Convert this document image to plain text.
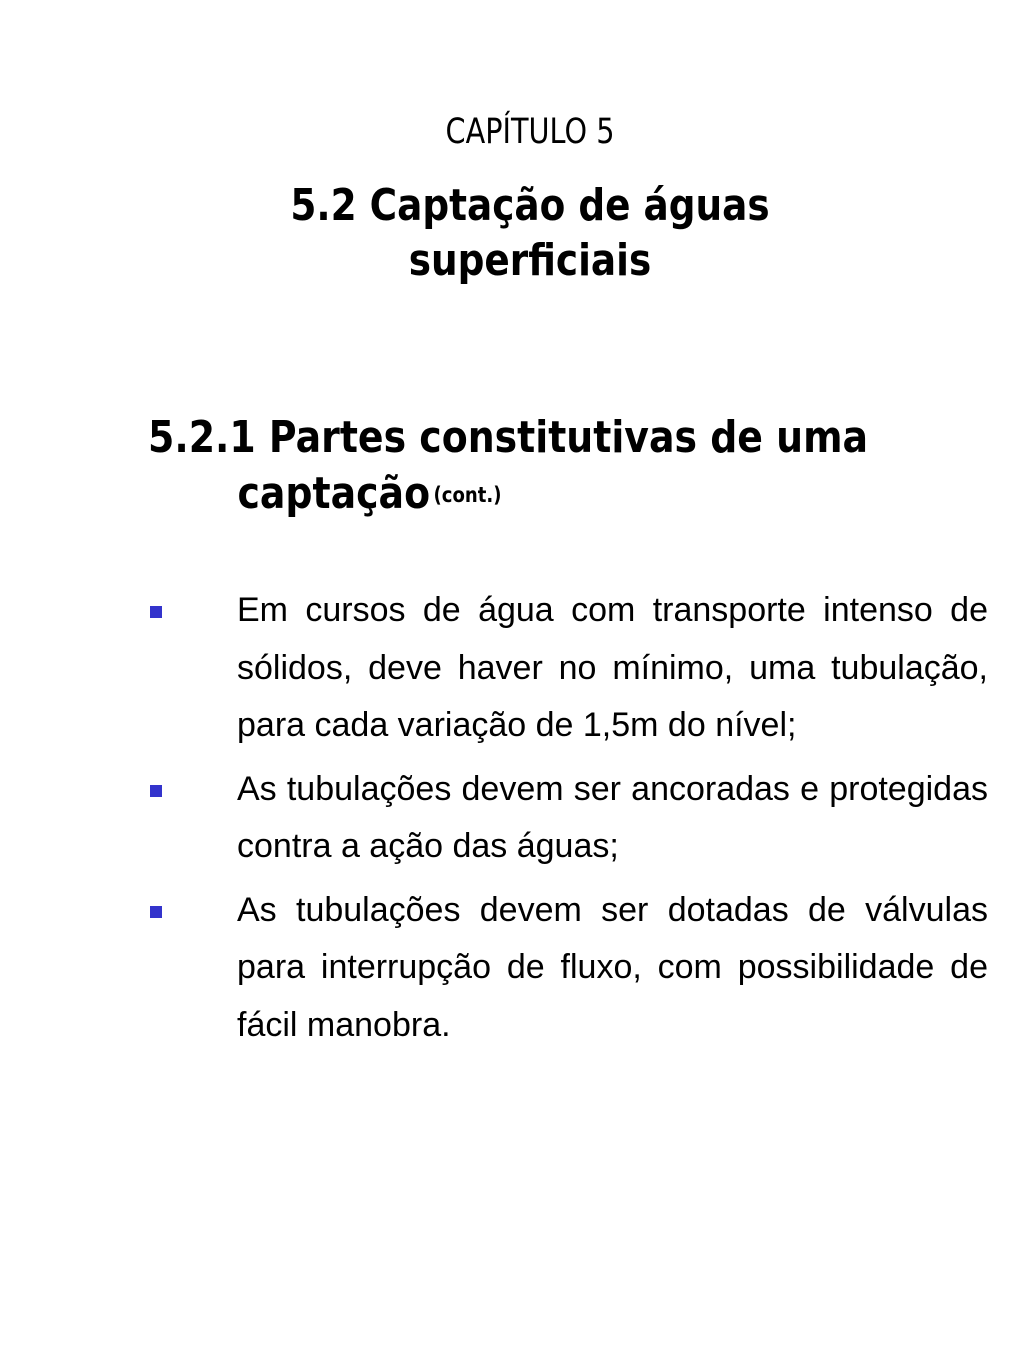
CAPÍTULO 5
5.2 Captação de águas
superficiais
5.2.1 Partes constitutivas de uma
captação (cont.)
Em cursos de água com transporte intenso de sólidos, deve haver no mínimo, uma tubulação, para cada variação de 1,5m do nível;
As tubulações devem ser ancoradas e protegidas contra a ação das águas;
As tubulações devem ser dotadas de válvulas para interrupção de fluxo, com possibilidade de fácil manobra.
